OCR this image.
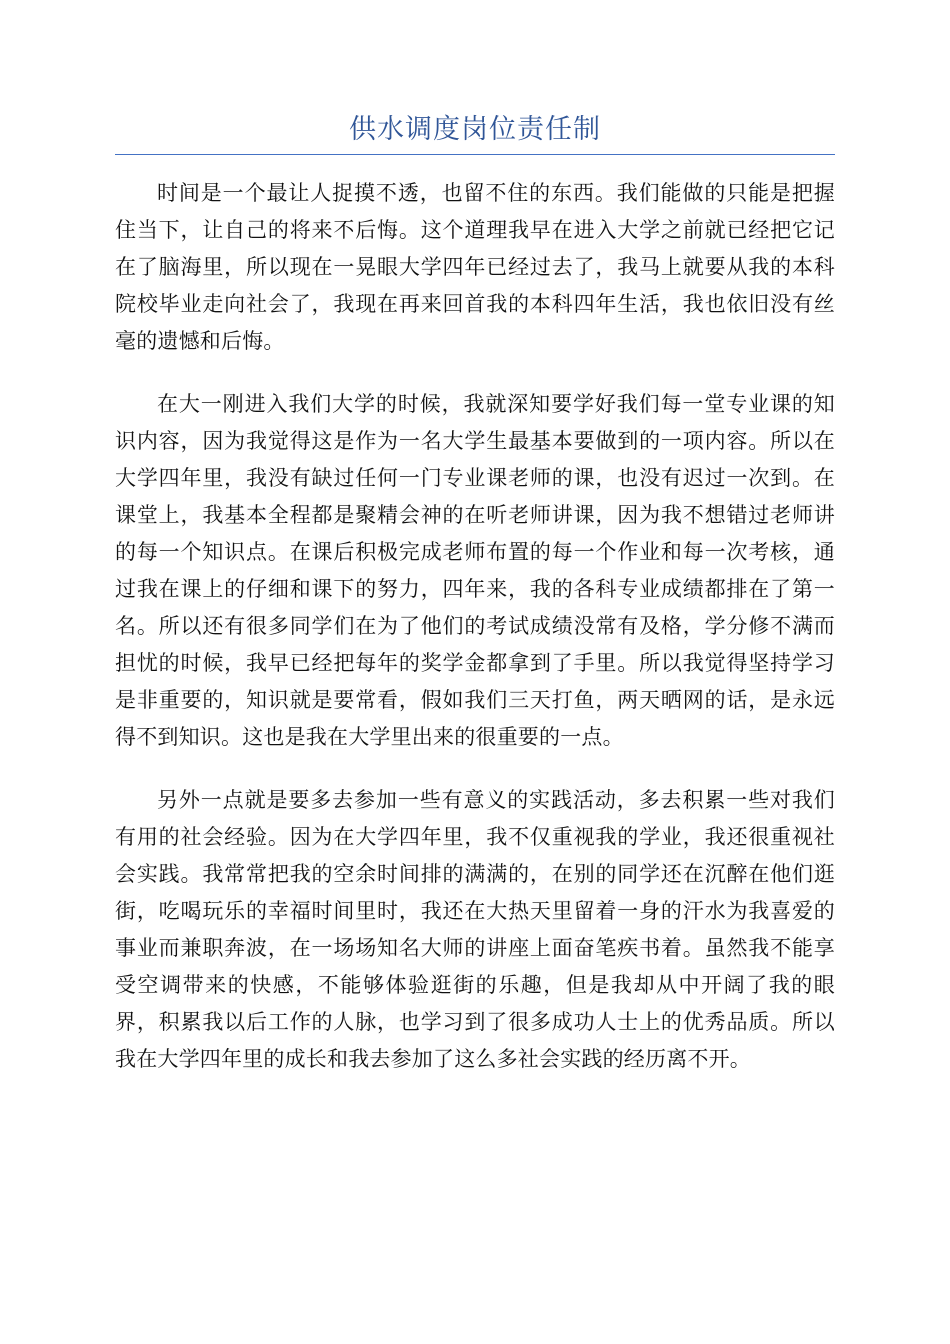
供水调度岗位责任制

时间是一个最让人捉摸不透，也留不住的东西。我们能做的只能是把握住当下，让自己的将来不后悔。这个道理我早在进入大学之前就已经把它记在了脑海里，所以现在一晃眼大学四年已经过去了，我马上就要从我的本科院校毕业走向社会了，我现在再来回首我的本科四年生活，我也依旧没有丝毫的遗憾和后悔。

在大一刚进入我们大学的时候，我就深知要学好我们每一堂专业课的知识内容，因为我觉得这是作为一名大学生最基本要做到的一项内容。所以在大学四年里，我没有缺过任何一门专业课老师的课，也没有迟过一次到。在课堂上，我基本全程都是聚精会神的在听老师讲课，因为我不想错过老师讲的每一个知识点。在课后积极完成老师布置的每一个作业和每一次考核，通过我在课上的仔细和课下的努力，四年来，我的各科专业成绩都排在了第一名。所以还有很多同学们在为了他们的考试成绩没常有及格，学分修不满而担忧的时候，我早已经把每年的奖学金都拿到了手里。所以我觉得坚持学习是非重要的，知识就是要常看，假如我们三天打鱼，两天晒网的话，是永远得不到知识。这也是我在大学里出来的很重要的一点。

另外一点就是要多去参加一些有意义的实践活动，多去积累一些对我们有用的社会经验。因为在大学四年里，我不仅重视我的学业，我还很重视社会实践。我常常把我的空余时间排的满满的，在别的同学还在沉醉在他们逛街，吃喝玩乐的幸福时间里时，我还在大热天里留着一身的汗水为我喜爱的事业而兼职奔波，在一场场知名大师的讲座上面奋笔疾书着。虽然我不能享受空调带来的快感，不能够体验逛街的乐趣，但是我却从中开阔了我的眼界，积累我以后工作的人脉，也学习到了很多成功人士上的优秀品质。所以我在大学四年里的成长和我去参加了这么多社会实践的经历离不开。
